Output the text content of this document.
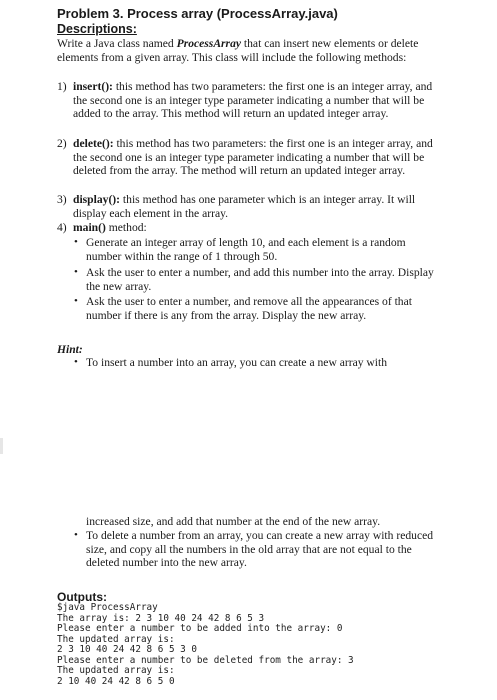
Problem 3. Process array (ProcessArray.java)

Descriptions:

Write a Java class named ProcessArray that can insert new elements or delete elements from a given array. This class will include the following methods:

1) insert(): this method has two parameters: the first one is an integer array, and the second one is an integer type parameter indicating a number that will be added to the array. This method will return an updated integer array.
2) delete(): this method has two parameters: the first one is an integer array, and the second one is an integer type parameter indicating a number that will be deleted from the array. The method will return an updated integer array.
3) display(): this method has one parameter which is an integer array. It will display each element in the array.
4) main() method:
• Generate an integer array of length 10, and each element is a random number within the range of 1 through 50.
• Ask the user to enter a number, and add this number into the array. Display the new array.
• Ask the user to enter a number, and remove all the appearances of that number if there is any from the array. Display the new array.

Hint:

• To insert a number into an array, you can create a new array with
increased size, and add that number at the end of the new array.
• To delete a number from an array, you can create a new array with reduced size, and copy all the numbers in the old array that are not equal to the deleted number into the new array.

Outputs:

$java ProcessArray
The array is: 2 3 10 40 24 42 8 6 5 3
Please enter a number to be added into the array: 0
The updated array is:
2 3 10 40 24 42 8 6 5 3 0
Please enter a number to be deleted from the array: 3
The updated array is:
2 10 40 24 42 8 6 5 0
